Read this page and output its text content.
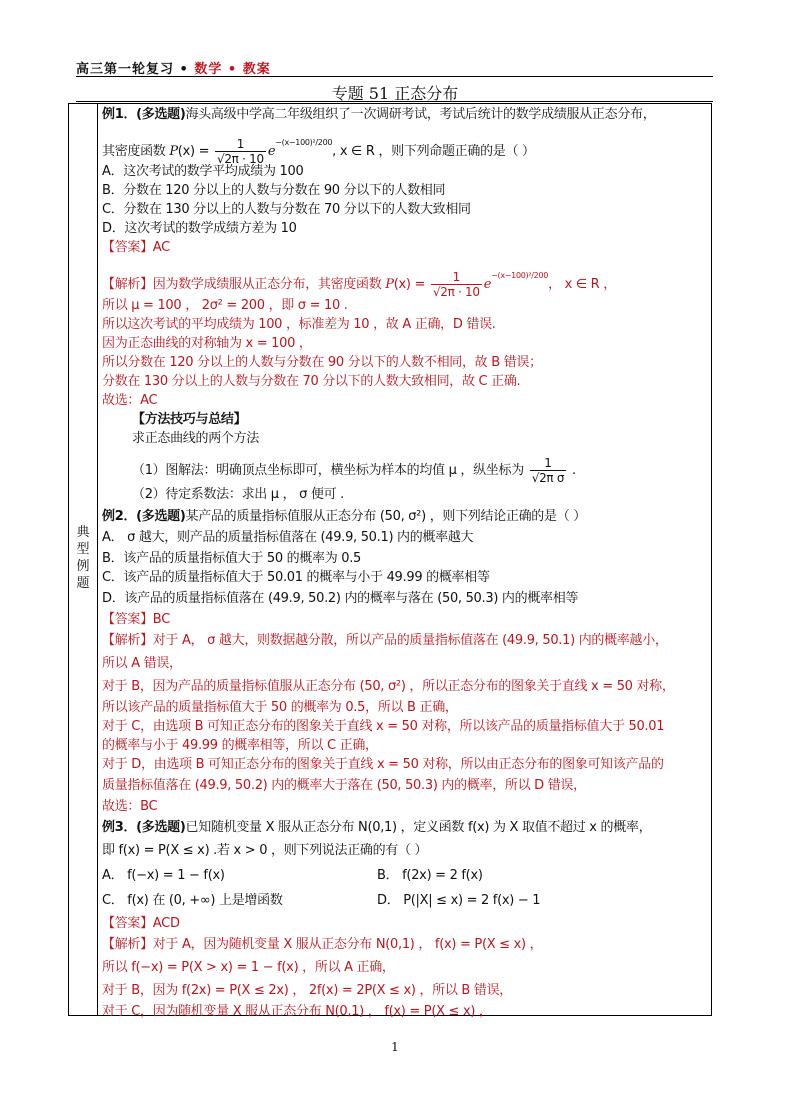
高三第一轮复习 • 数学 • 教案
专题 51 正态分布
典
型
例
题
例1．(多选题)海头高级中学高二年级组织了一次调研考试，考试后统计的数学成绩服从正态分布，
其密度函数 $P(x) = \frac{1}{√2\pi \cdot 10} e^{-(x-100)^2/200}$, x ∈ R ，则下列命题正确的是（ ）
A．这次考试的数学平均成绩为 100
B．分数在 120 分以上的人数与分数在 90 分以下的人数相同
C．分数在 130 分以上的人数与分数在 70 分以下的人数大致相同
D．这次考试的数学成绩方差为 10
【答案】AC
【解析】因为数学成绩服从正态分布，其密度函数 $P(x) = \frac{1}{√2\pi \cdot 10} e^{-(x-100)^2/200}$， x ∈ R ，
所以 μ = 100 ， 2σ² = 200 ，即 σ = 10 .
所以这次考试的平均成绩为 100 ，标准差为 10 ，故 A 正确，D 错误.
因为正态曲线的对称轴为 x = 100 ，
所以分数在 120 分以上的人数与分数在 90 分以下的人数不相同，故 B 错误；
分数在 130 分以上的人数与分数在 70 分以下的人数大致相同，故 C 正确.
故选：AC
【方法技巧与总结】
求正态曲线的两个方法
（1）图解法：明确顶点坐标即可，横坐标为样本的均值 μ ，纵坐标为 $\frac{1}{\text{√2π σ}}$ .
（2）待定系数法：求出 μ ， σ 便可 .
例2．(多选题)某产品的质量指标值服从正态分布 (50, σ²) ，则下列结论正确的是（ ）
A． σ 越大，则产品的质量指标值落在 (49.9, 50.1) 内的概率越大
B．该产品的质量指标值大于 50 的概率为 0.5
C．该产品的质量指标值大于 50.01 的概率与小于 49.99 的概率相等
D．该产品的质量指标值落在 (49.9, 50.2) 内的概率与落在 (50, 50.3) 内的概率相等
【答案】BC
【解析】对于 A， σ 越大，则数据越分散，所以产品的质量指标值落在 (49.9, 50.1) 内的概率越小，
所以 A 错误，
对于 B，因为产品的质量指标值服从正态分布 (50, σ²) ，所以正态分布的图象关于直线 x = 50 对称，
所以该产品的质量指标值大于 50 的概率为 0.5，所以 B 正确，
对于 C，由选项 B 可知正态分布的图象关于直线 x = 50 对称，所以该产品的质量指标值大于 50.01
的概率与小于 49.99 的概率相等，所以 C 正确，
对于 D，由选项 B 可知正态分布的图象关于直线 x = 50 对称，所以由正态分布的图象可知该产品的
质量指标值落在 (49.9, 50.2) 内的概率大于落在 (50, 50.3) 内的概率，所以 D 错误，
故选：BC
例3．(多选题)已知随机变量 X 服从正态分布 N(0,1) ，定义函数 f(x) 为 X 取值不超过 x 的概率，
即 f(x) = P(X ≤ x) .若 x > 0 ，则下列说法正确的有（ ）
A． f(−x) = 1 − f(x)	B． f(2x) = 2 f(x)
C． f(x) 在 (0, +∞) 上是增函数	D． P(|X| ≤ x) = 2 f(x) − 1
【答案】ACD
【解析】对于 A，因为随机变量 X 服从正态分布 N(0,1) ， f(x) = P(X ≤ x) ，
所以 f(−x) = P(X > x) = 1 − f(x) ，所以 A 正确，
对于 B，因为 f(2x) = P(X ≤ 2x) ， 2f(x) = 2P(X ≤ x) ，所以 B 错误，
对于 C，因为随机变量 X 服从正态分布 N(0,1) ， f(x) = P(X ≤ x) ，
1
